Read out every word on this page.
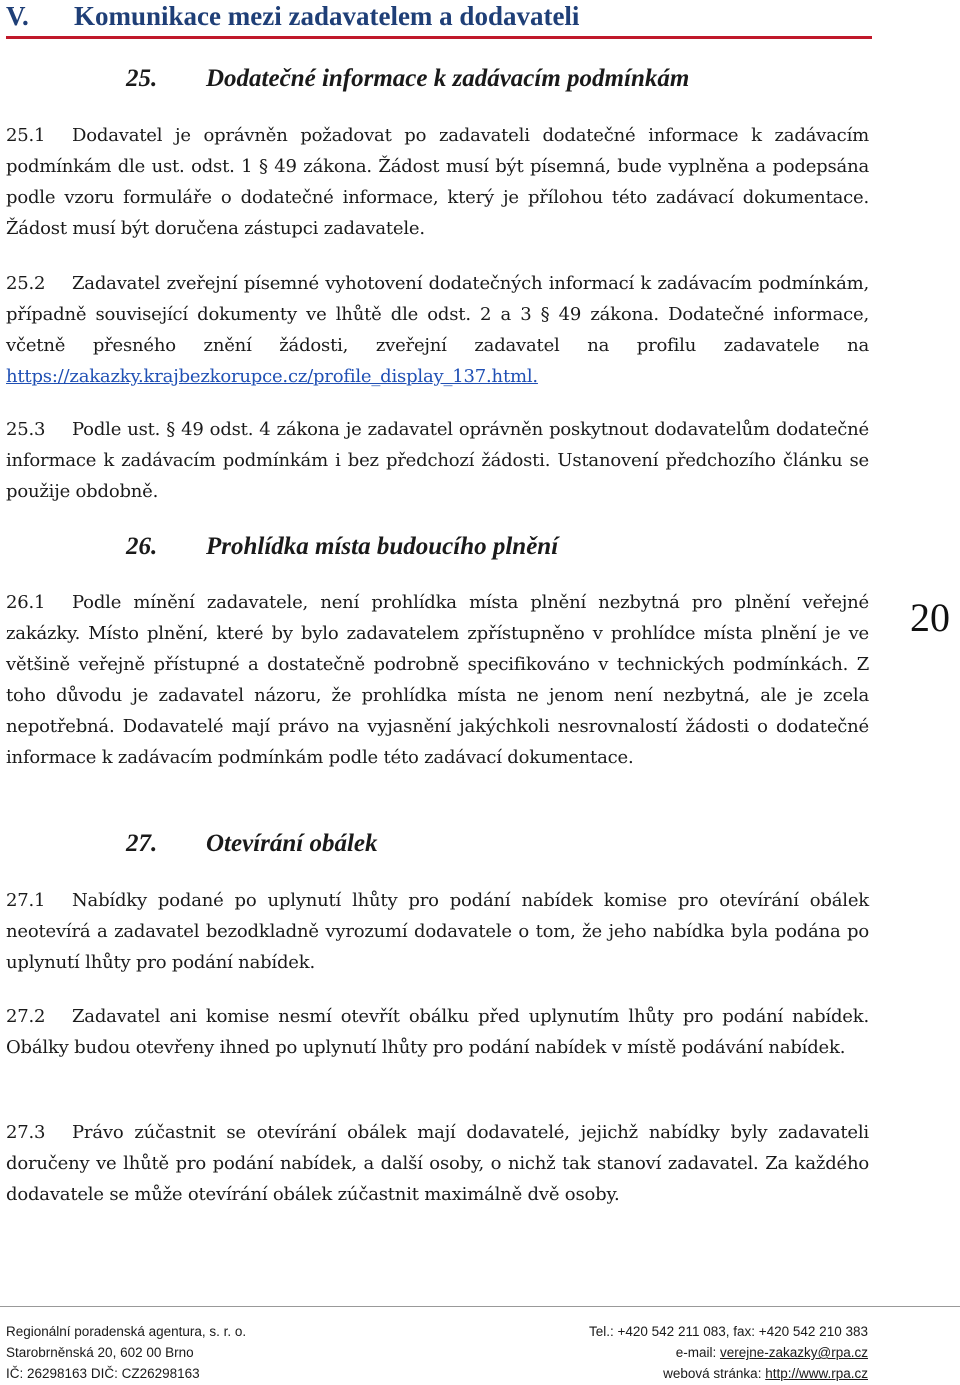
V. Komunikace mezi zadavatelem a dodavateli
25. Dodatečné informace k zadávacím podmínkám
25.1 Dodavatel je oprávněn požadovat po zadavateli dodatečné informace k zadávacím podmínkám dle ust. odst. 1 § 49 zákona. Žádost musí být písemná, bude vyplněna a podepsána podle vzoru formuláře o dodatečné informace, který je přílohou této zadávací dokumentace. Žádost musí být doručena zástupci zadavatele.
25.2 Zadavatel zveřejní písemné vyhotovení dodatečných informací k zadávacím podmínkám, případně související dokumenty ve lhůtě dle odst. 2 a 3 § 49 zákona. Dodatečné informace, včetně přesného znění žádosti, zveřejní zadavatel na profilu zadavatele na https://zakazky.krajbezkorupce.cz/profile_display_137.html.
25.3 Podle ust. § 49 odst. 4 zákona je zadavatel oprávněn poskytnout dodavatelům dodatečné informace k zadávacím podmínkám i bez předchozí žádosti. Ustanovení předchozího článku se použije obdobně.
26. Prohlídka místa budoucího plnění
26.1 Podle mínění zadavatele, není prohlídka místa plnění nezbytná pro plnění veřejné zakázky. Místo plnění, které by bylo zadavatelem zpřístupněno v prohlídce místa plnění je ve většině veřejně přístupné a dostatečně podrobně specifikováno v technických podmínkách. Z toho důvodu je zadavatel názoru, že prohlídka místa ne jenom není nezbytná, ale je zcela nepotřebná. Dodavatelé mají právo na vyjasnění jakýchkoli nesrovnalostí žádosti o dodatečné informace k zadávacím podmínkám podle této zadávací dokumentace.
27. Otevírání obálek
27.1 Nabídky podané po uplynutí lhůty pro podání nabídek komise pro otevírání obálek neotevírá a zadavatel bezodkladně vyrozumí dodavatele o tom, že jeho nabídka byla podána po uplynutí lhůty pro podání nabídek.
27.2 Zadavatel ani komise nesmí otevřít obálku před uplynutím lhůty pro podání nabídek. Obálky budou otevřeny ihned po uplynutí lhůty pro podání nabídek v místě podávání nabídek.
27.3 Právo zúčastnit se otevírání obálek mají dodavatelé, jejichž nabídky byly zadavateli doručeny ve lhůtě pro podání nabídek, a další osoby, o nichž tak stanoví zadavatel. Za každého dodavatele se může otevírání obálek zúčastnit maximálně dvě osoby.
20
Regionální poradenská agentura, s. r. o.
Starobrněnská 20, 602 00 Brno
IČ: 26298163 DIČ: CZ26298163
Tel.: +420 542 211 083, fax: +420 542 210 383
e-mail: verejne-zakazky@rpa.cz
webová stránka: http://www.rpa.cz
